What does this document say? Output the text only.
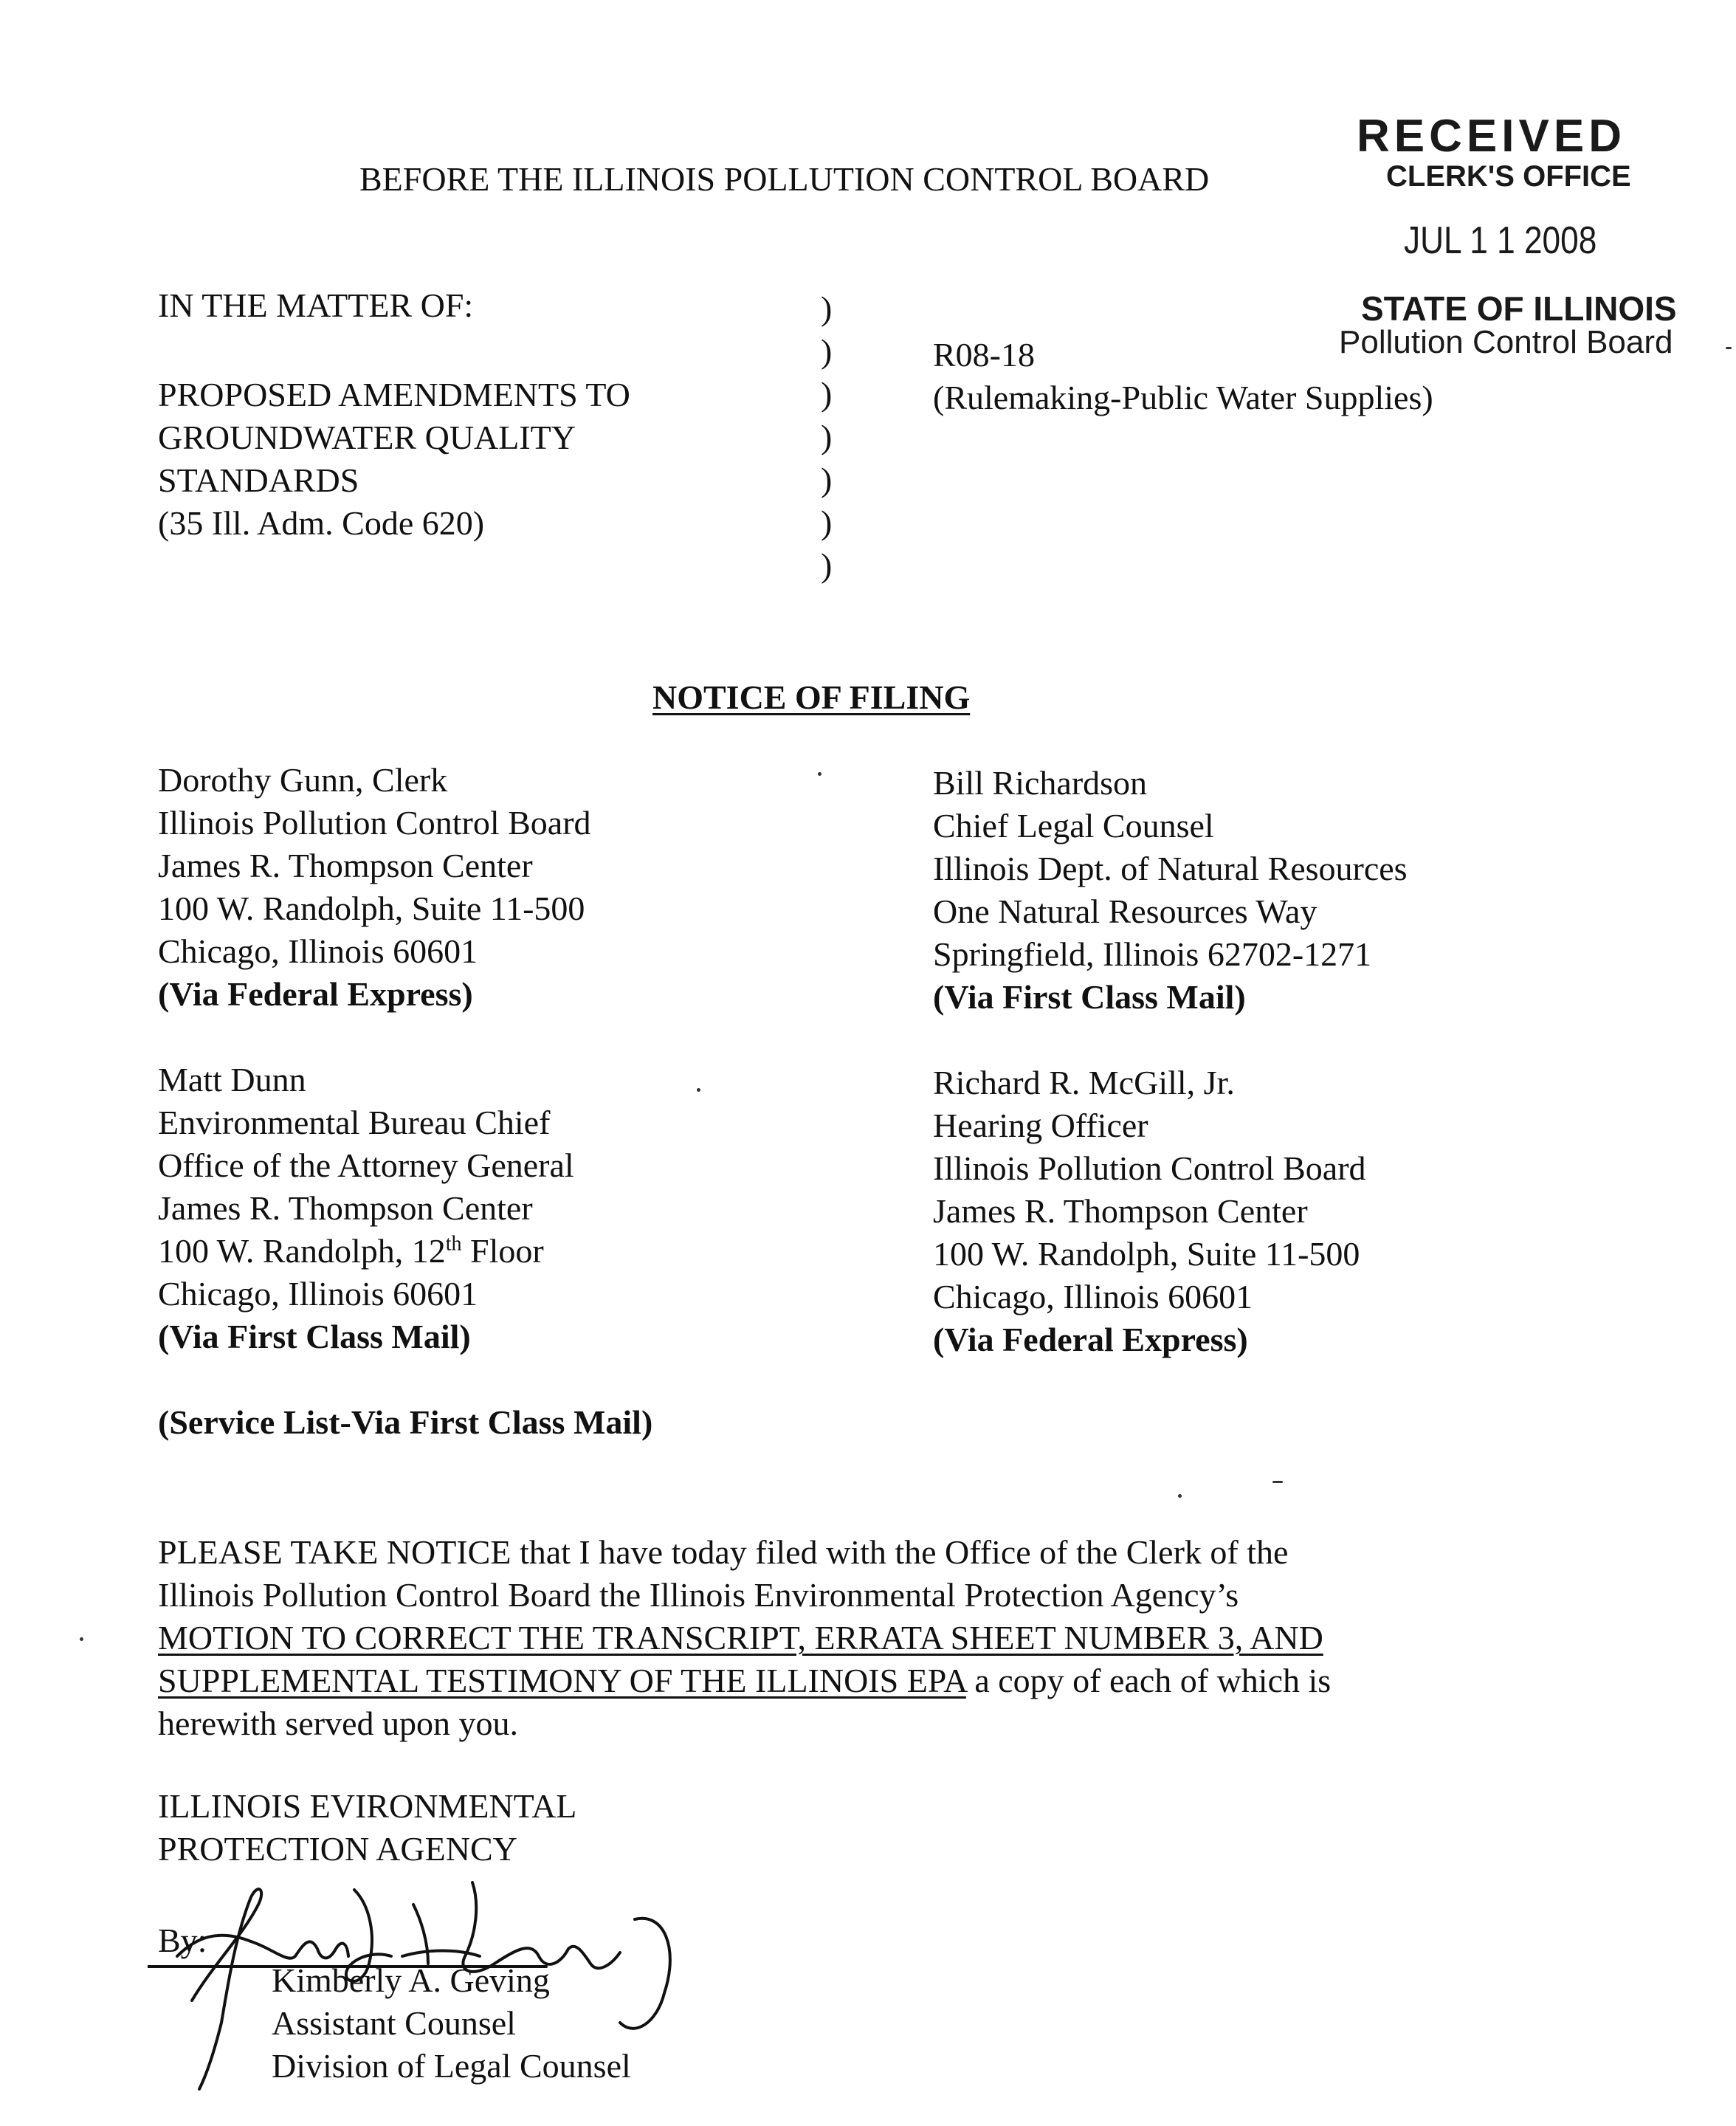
RECEIVED
CLERK'S OFFICE
JUL 1 1 2008
STATE OF ILLINOIS
Pollution Control Board
BEFORE THE ILLINOIS POLLUTION CONTROL BOARD
IN THE MATTER OF:
PROPOSED AMENDMENTS TO
GROUNDWATER QUALITY
STANDARDS
(35 Ill. Adm. Code 620)
)
)
)
)
)
)
)
R08-18
(Rulemaking-Public Water Supplies)
NOTICE OF FILING
Dorothy Gunn, Clerk
Illinois Pollution Control Board
James R. Thompson Center
100 W. Randolph, Suite 11-500
Chicago, Illinois 60601
(Via Federal Express)
Bill Richardson
Chief Legal Counsel
Illinois Dept. of Natural Resources
One Natural Resources Way
Springfield, Illinois 62702-1271
(Via First Class Mail)
Matt Dunn
Environmental Bureau Chief
Office of the Attorney General
James R. Thompson Center
100 W. Randolph, 12th Floor
Chicago, Illinois 60601
(Via First Class Mail)
Richard R. McGill, Jr.
Hearing Officer
Illinois Pollution Control Board
James R. Thompson Center
100 W. Randolph, Suite 11-500
Chicago, Illinois 60601
(Via Federal Express)
(Service List-Via First Class Mail)
PLEASE TAKE NOTICE that I have today filed with the Office of the Clerk of the
Illinois Pollution Control Board the Illinois Environmental Protection Agency’s
MOTION TO CORRECT THE TRANSCRIPT, ERRATA SHEET NUMBER 3, AND
SUPPLEMENTAL TESTIMONY OF THE ILLINOIS EPA a copy of each of which is
herewith served upon you.
ILLINOIS EVIRONMENTAL
PROTECTION AGENCY
By:
Kimberly A. Geving
Assistant Counsel
Division of Legal Counsel
